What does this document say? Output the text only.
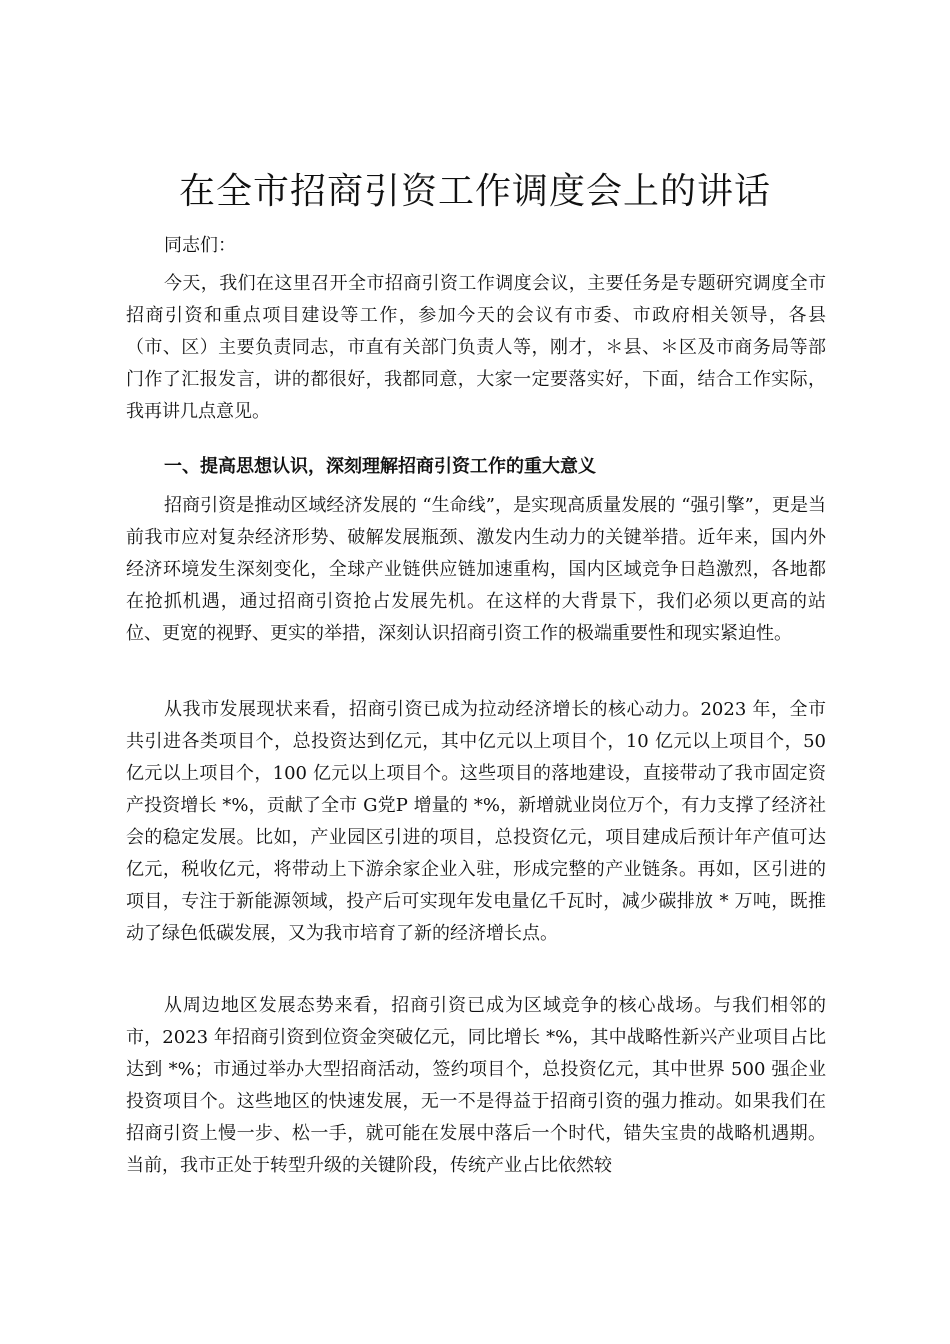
在全市招商引资工作调度会上的讲话

同志们：

今天，我们在这里召开全市招商引资工作调度会议，主要任务是专题研究调度全市招商引资和重点项目建设等工作，参加今天的会议有市委、市政府相关领导，各县（市、区）主要负责同志，市直有关部门负责人等，刚才，＊县、＊区及市商务局等部门作了汇报发言，讲的都很好，我都同意，大家一定要落实好，下面，结合工作实际，我再讲几点意见。

一、提高思想认识，深刻理解招商引资工作的重大意义

招商引资是推动区域经济发展的 “生命线”，是实现高质量发展的 “强引擎”，更是当前我市应对复杂经济形势、破解发展瓶颈、激发内生动力的关键举措。近年来，国内外经济环境发生深刻变化，全球产业链供应链加速重构，国内区域竞争日趋激烈，各地都在抢抓机遇，通过招商引资抢占发展先机。在这样的大背景下，我们必须以更高的站位、更宽的视野、更实的举措，深刻认识招商引资工作的极端重要性和现实紧迫性。

从我市发展现状来看，招商引资已成为拉动经济增长的核心动力。2023 年，全市共引进各类项目个，总投资达到亿元，其中亿元以上项目个，10 亿元以上项目个，50 亿元以上项目个，100 亿元以上项目个。这些项目的落地建设，直接带动了我市固定资产投资增长 *%，贡献了全市 G党P 增量的 *%，新增就业岗位万个，有力支撑了经济社会的稳定发展。比如，产业园区引进的项目，总投资亿元，项目建成后预计年产值可达亿元，税收亿元，将带动上下游余家企业入驻，形成完整的产业链条。再如，区引进的项目，专注于新能源领域，投产后可实现年发电量亿千瓦时，减少碳排放 * 万吨，既推动了绿色低碳发展，又为我市培育了新的经济增长点。

从周边地区发展态势来看，招商引资已成为区域竞争的核心战场。与我们相邻的市，2023 年招商引资到位资金突破亿元，同比增长 *%，其中战略性新兴产业项目占比达到 *%；市通过举办大型招商活动，签约项目个，总投资亿元，其中世界 500 强企业投资项目个。这些地区的快速发展，无一不是得益于招商引资的强力推动。如果我们在招商引资上慢一步、松一手，就可能在发展中落后一个时代，错失宝贵的战略机遇期。当前，我市正处于转型升级的关键阶段，传统产业占比依然较
